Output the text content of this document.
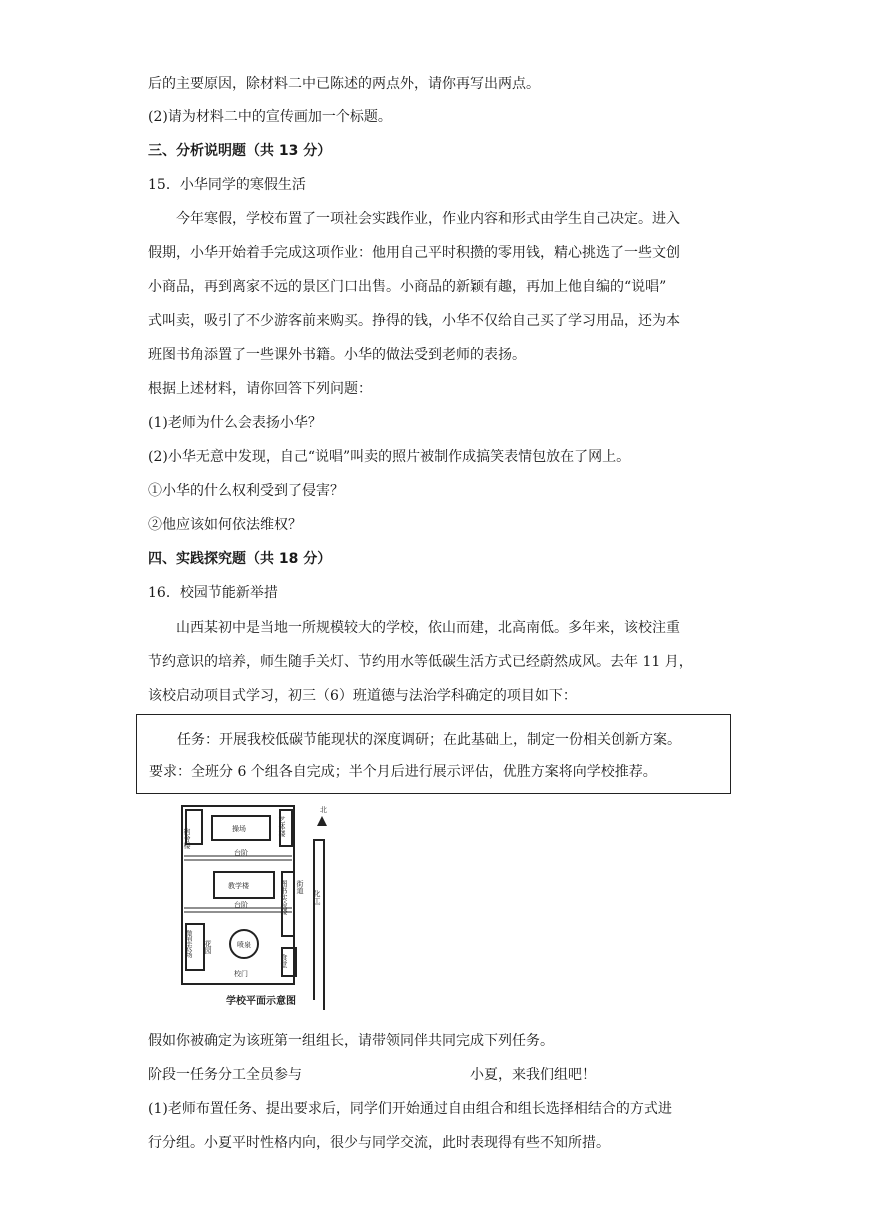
后的主要原因，除材料二中已陈述的两点外，请你再写出两点。
(2)请为材料二中的宣传画加一个标题。
三、分析说明题（共 13 分）
15．小华同学的寒假生活
今年寒假，学校布置了一项社会实践作业，作业内容和形式由学生自己决定。进入
假期，小华开始着手完成这项作业：他用自己平时积攒的零用钱，精心挑选了一些文创
小商品，再到离家不远的景区门口出售。小商品的新颖有趣，再加上他自编的“说唱”
式叫卖，吸引了不少游客前来购买。挣得的钱，小华不仅给自己买了学习用品，还为本
班图书角添置了一些课外书籍。小华的做法受到老师的表扬。
根据上述材料，请你回答下列问题：
(1)老师为什么会表扬小华？
(2)小华无意中发现，自己“说唱”叫卖的照片被制作成搞笑表情包放在了网上。
①小华的什么权利受到了侵害？
②他应该如何依法维权？
四、实践探究题（共 18 分）
16．校园节能新举措
山西某初中是当地一所规模较大的学校，依山而建，北高南低。多年来，该校注重
节约意识的培养，师生随手关灯、节约用水等低碳生活方式已经蔚然成风。去年 11 月，
该校启动项目式学习，初三（6）班道德与法治学科确定的项目如下：
任务：开展我校低碳节能现状的深度调研；在此基础上，制定一份相关创新方案。
要求：全班分 6 个组各自完成；半个月后进行展示评估，优胜方案将向学校推荐。
北
宿舍楼	操场	艺体楼
台阶
教学楼	街道
图书实验楼
台阶
微型农场 花园	喷泉
食堂
校门
化工厂
学校平面示意图
假如你被确定为该班第一组组长，请带领同伴共同完成下列任务。
阶段一任务分工全员参与	小夏，来我们组吧！
(1)老师布置任务、提出要求后，同学们开始通过自由组合和组长选择相结合的方式进
行分组。小夏平时性格内向，很少与同学交流，此时表现得有些不知所措。
